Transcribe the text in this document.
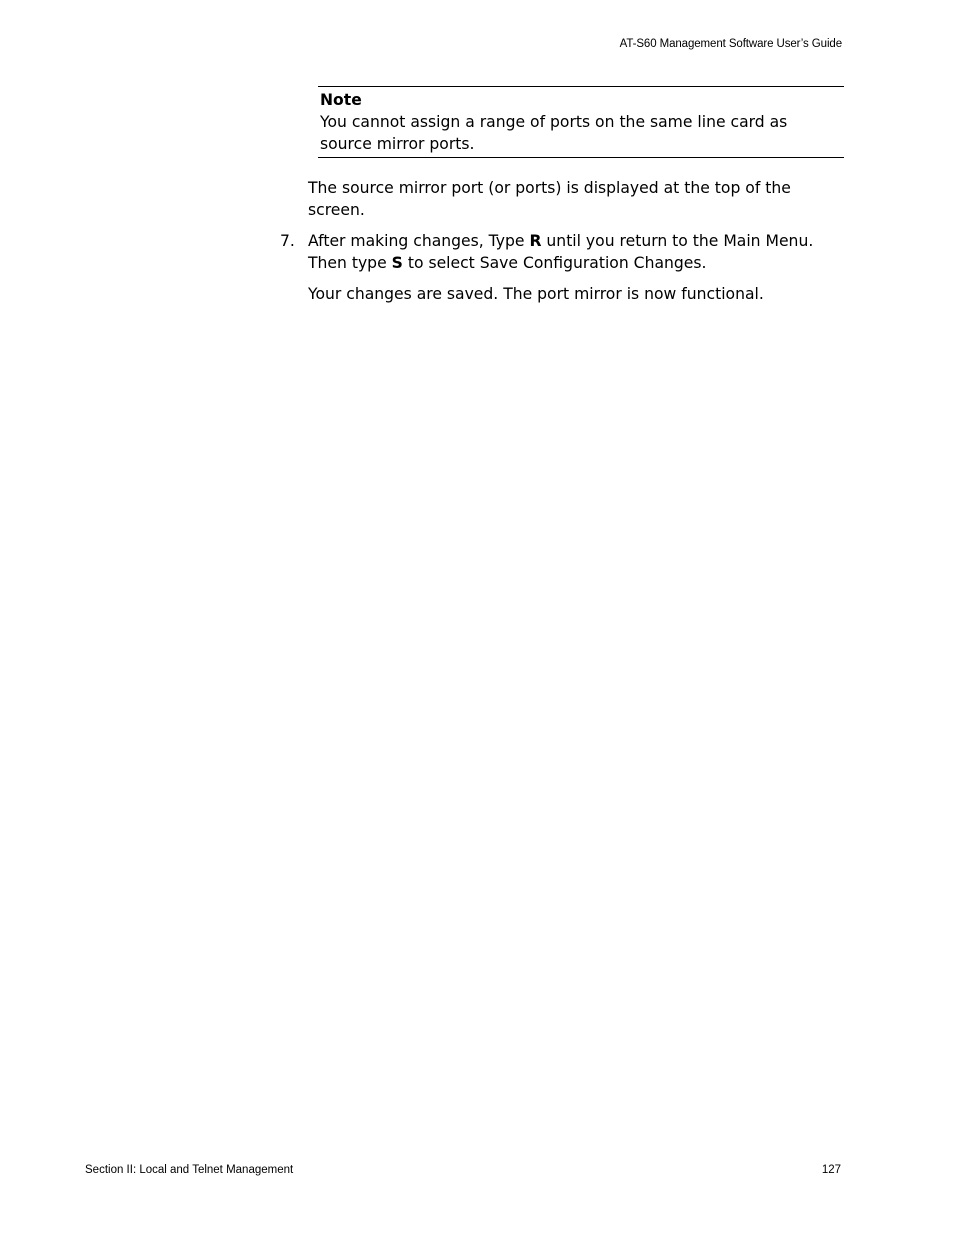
AT-S60 Management Software User’s Guide
Note
You cannot assign a range of ports on the same line card as source mirror ports.
The source mirror port (or ports) is displayed at the top of the screen.
7. After making changes, Type R until you return to the Main Menu. Then type S to select Save Configuration Changes.
Your changes are saved. The port mirror is now functional.
Section II: Local and Telnet Management	127
